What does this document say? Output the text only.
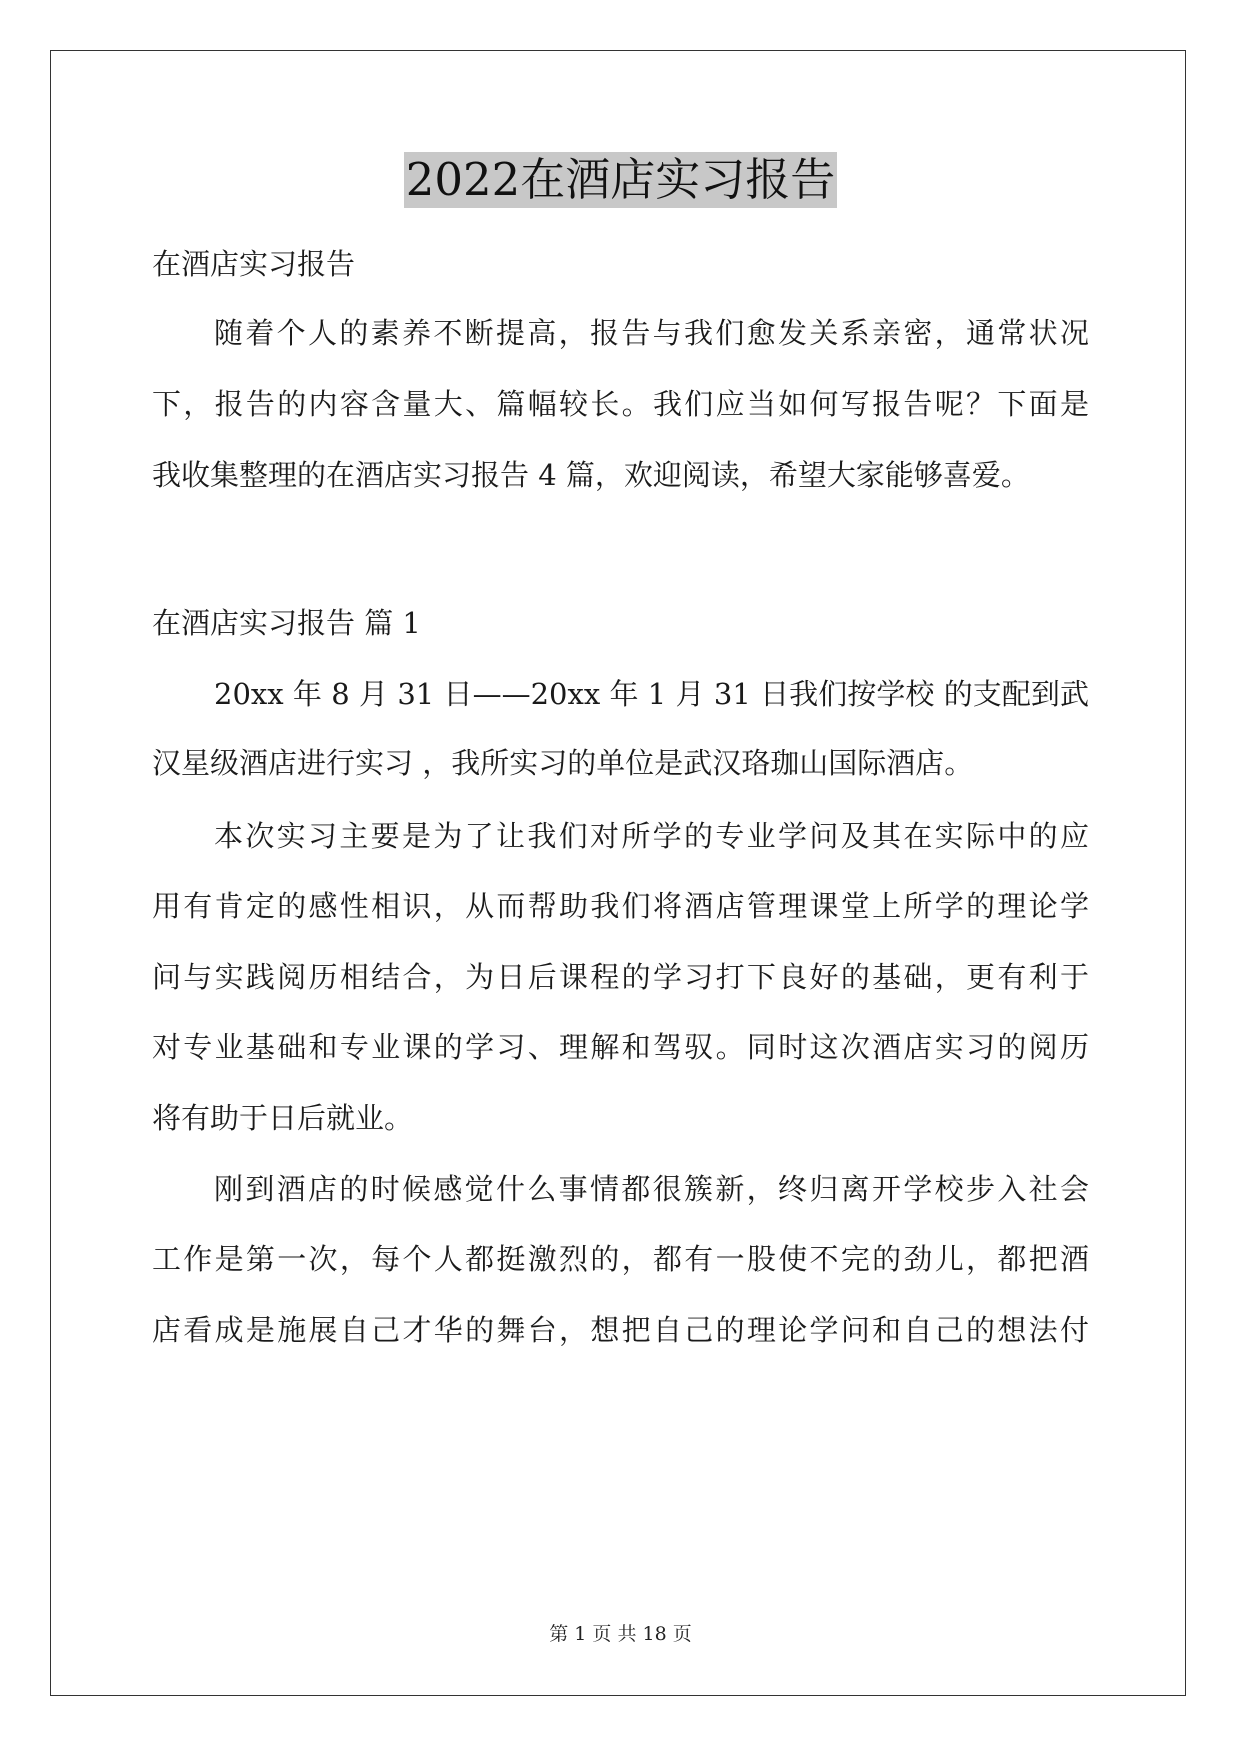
2022在酒店实习报告
在酒店实习报告
随着个人的素养不断提高，报告与我们愈发关系亲密，通常状况
下，报告的内容含量大、篇幅较长。我们应当如何写报告呢？下面是
我收集整理的在酒店实习报告 4 篇，欢迎阅读，希望大家能够喜爱。
在酒店实习报告 篇 1
20xx 年 8 月 31 日——20xx 年 1 月 31 日我们按学校 的支配到武
汉星级酒店进行实习 ，我所实习的单位是武汉珞珈山国际酒店。
本次实习主要是为了让我们对所学的专业学问及其在实际中的应
用有肯定的感性相识，从而帮助我们将酒店管理课堂上所学的理论学
问与实践阅历相结合，为日后课程的学习打下良好的基础，更有利于
对专业基础和专业课的学习、理解和驾驭。同时这次酒店实习的阅历
将有助于日后就业。
刚到酒店的时候感觉什么事情都很簇新，终归离开学校步入社会
工作是第一次，每个人都挺激烈的，都有一股使不完的劲儿，都把酒
店看成是施展自己才华的舞台，想把自己的理论学问和自己的想法付
第 1 页 共 18 页
